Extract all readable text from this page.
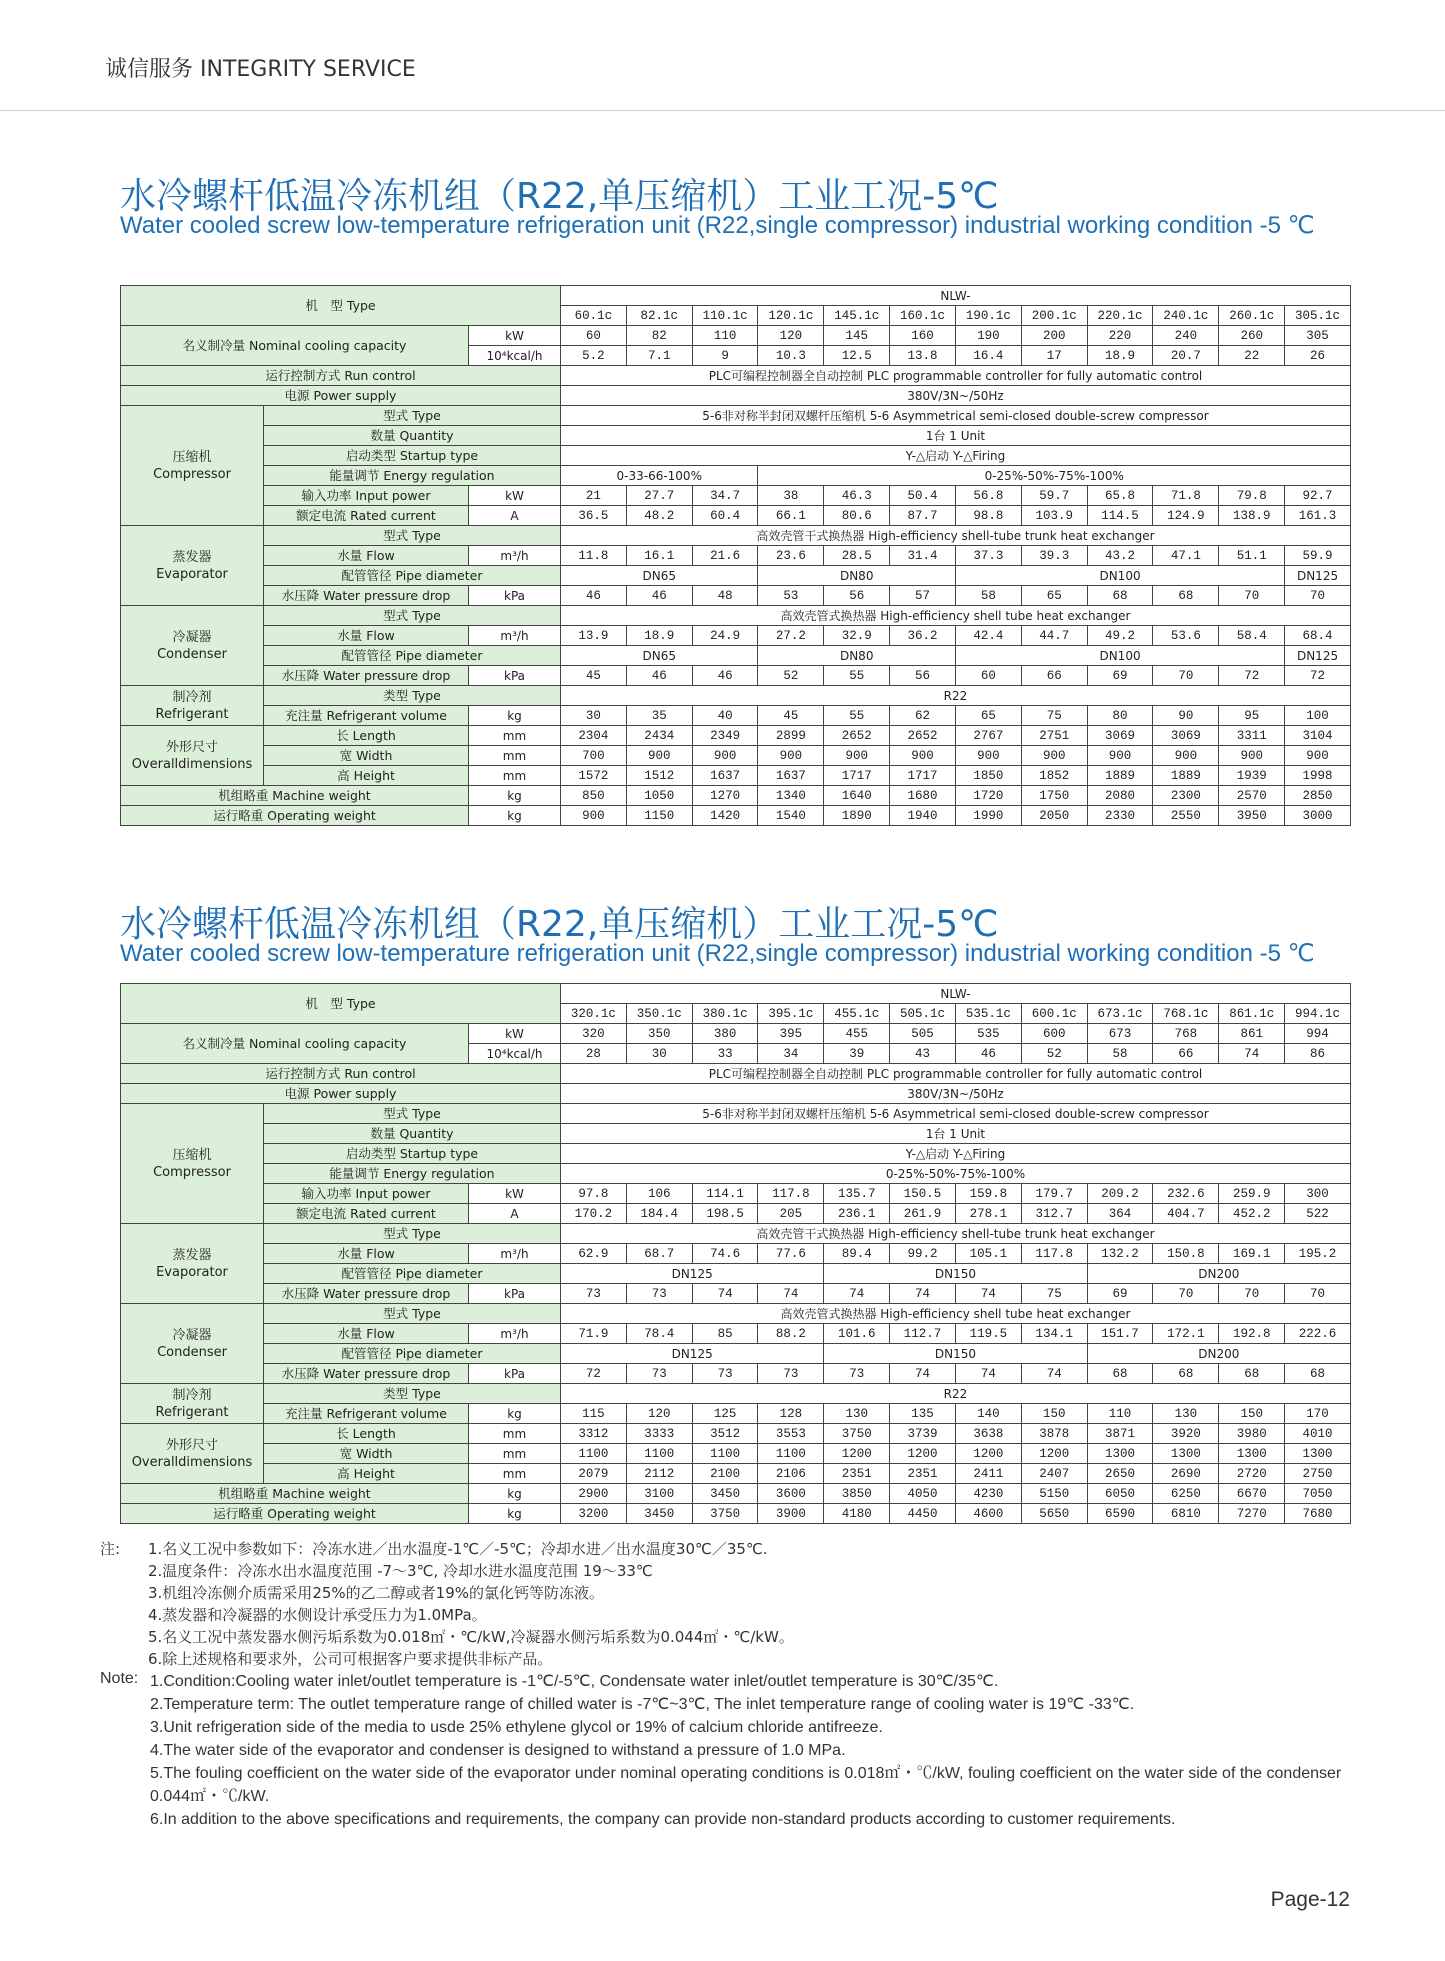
诚信服务 INTEGRITY SERVICE
水冷螺杆低温冷冻机组（R22,单压缩机）工业工况-5℃
Water cooled screw low-temperature refrigeration unit (R22,single compressor) industrial working condition -5 ℃
机　型 Type			NLW-											
			60.1c	82.1c	110.1c	120.1c	145.1c	160.1c	190.1c	200.1c	220.1c	240.1c	260.1c	305.1c
名义制冷量 Nominal cooling capacity		kW	60	82	110	120	145	160	190	200	220	240	260	305
		10⁴kcal/h	5.2	7.1	9	10.3	12.5	13.8	16.4	17	18.9	20.7	22	26
运行控制方式 Run control			PLC可编程控制器全自动控制 PLC programmable controller for fully automatic control											
电源 Power supply			380V/3N~/50Hz											

压缩机
Compressor	型式 Type		5-6非对称半封闭双螺杆压缩机 5-6 Asymmetrical semi-closed double-screw compressor											
	数量 Quantity		1台 1 Unit											
	启动类型 Startup type		Y-△启动 Y-△Firing											
	能量调节 Energy regulation		0-33-66-100%			0-25%-50%-75%-100%								
	输入功率 Input power	kW	21	27.7	34.7	38	46.3	50.4	56.8	59.7	65.8	71.8	79.8	92.7
	额定电流 Rated current	A	36.5	48.2	60.4	66.1	80.6	87.7	98.8	103.9	114.5	124.9	138.9	161.3

蒸发器
Evaporator	型式 Type		高效壳管干式换热器 High-efficiency shell-tube trunk heat exchanger											
	水量 Flow	m³/h	11.8	16.1	21.6	23.6	28.5	31.4	37.3	39.3	43.2	47.1	51.1	59.9
	配管管径 Pipe diameter		DN65			DN80			DN100					DN125
	水压降 Water pressure drop	kPa	46	46	48	53	56	57	58	65	68	68	70	70

冷凝器
Condenser	型式 Type		高效壳管式换热器 High-efficiency shell tube heat exchanger											
	水量 Flow	m³/h	13.9	18.9	24.9	27.2	32.9	36.2	42.4	44.7	49.2	53.6	58.4	68.4
	配管管径 Pipe diameter		DN65			DN80			DN100					DN125
	水压降 Water pressure drop	kPa	45	46	46	52	55	56	60	66	69	70	72	72

制冷剂
Refrigerant	类型 Type		R22											
	充注量 Refrigerant volume	kg	30	35	40	45	55	62	65	75	80	90	95	100

外形尺寸
Overalldimensions	长 Length	mm	2304	2434	2349	2899	2652	2652	2767	2751	3069	3069	3311	3104
	宽 Width	mm	700	900	900	900	900	900	900	900	900	900	900	900
	高 Height	mm	1572	1512	1637	1637	1717	1717	1850	1852	1889	1889	1939	1998
机组略重 Machine weight		kg	850	1050	1270	1340	1640	1680	1720	1750	2080	2300	2570	2850
运行略重 Operating weight		kg	900	1150	1420	1540	1890	1940	1990	2050	2330	2550	3950	3000
水冷螺杆低温冷冻机组（R22,单压缩机）工业工况-5℃
Water cooled screw low-temperature refrigeration unit (R22,single compressor) industrial working condition -5 ℃
机　型 Type			NLW-											
			320.1c	350.1c	380.1c	395.1c	455.1c	505.1c	535.1c	600.1c	673.1c	768.1c	861.1c	994.1c
名义制冷量 Nominal cooling capacity		kW	320	350	380	395	455	505	535	600	673	768	861	994
		10⁴kcal/h	28	30	33	34	39	43	46	52	58	66	74	86
运行控制方式 Run control			PLC可编程控制器全自动控制 PLC programmable controller for fully automatic control											
电源 Power supply			380V/3N~/50Hz											

压缩机
Compressor	型式 Type		5-6非对称半封闭双螺杆压缩机 5-6 Asymmetrical semi-closed double-screw compressor											
	数量 Quantity		1台 1 Unit											
	启动类型 Startup type		Y-△启动 Y-△Firing											
	能量调节 Energy regulation		0-25%-50%-75%-100%											
	输入功率 Input power	kW	97.8	106	114.1	117.8	135.7	150.5	159.8	179.7	209.2	232.6	259.9	300
	额定电流 Rated current	A	170.2	184.4	198.5	205	236.1	261.9	278.1	312.7	364	404.7	452.2	522

蒸发器
Evaporator	型式 Type		高效壳管干式换热器 High-efficiency shell-tube trunk heat exchanger											
	水量 Flow	m³/h	62.9	68.7	74.6	77.6	89.4	99.2	105.1	117.8	132.2	150.8	169.1	195.2
	配管管径 Pipe diameter		DN125				DN150				DN200			
	水压降 Water pressure drop	kPa	73	73	74	74	74	74	74	75	69	70	70	70

冷凝器
Condenser	型式 Type		高效壳管式换热器 High-efficiency shell tube heat exchanger											
	水量 Flow	m³/h	71.9	78.4	85	88.2	101.6	112.7	119.5	134.1	151.7	172.1	192.8	222.6
	配管管径 Pipe diameter		DN125				DN150				DN200			
	水压降 Water pressure drop	kPa	72	73	73	73	73	74	74	74	68	68	68	68

制冷剂
Refrigerant	类型 Type		R22											
	充注量 Refrigerant volume	kg	115	120	125	128	130	135	140	150	110	130	150	170

外形尺寸
Overalldimensions	长 Length	mm	3312	3333	3512	3553	3750	3739	3638	3878	3871	3920	3980	4010
	宽 Width	mm	1100	1100	1100	1100	1200	1200	1200	1200	1300	1300	1300	1300
	高 Height	mm	2079	2112	2100	2106	2351	2351	2411	2407	2650	2690	2720	2750
机组略重 Machine weight		kg	2900	3100	3450	3600	3850	4050	4230	5150	6050	6250	6670	7050
运行略重 Operating weight		kg	3200	3450	3750	3900	4180	4450	4600	5650	6590	6810	7270	7680
注: 1.名义工况中参数如下：冷冻水进／出水温度-1℃／-5℃；冷却水进／出水温度30℃／35℃.
2.温度条件：冷冻水出水温度范围 -7～3℃, 冷却水进水温度范围 19～33℃
3.机组冷冻侧介质需采用25%的乙二醇或者19%的氯化钙等防冻液。
4.蒸发器和冷凝器的水侧设计承受压力为1.0MPa。
5.名义工况中蒸发器水侧污垢系数为0.018㎡・℃/kW,冷凝器水侧污垢系数为0.044㎡・℃/kW。
6.除上述规格和要求外，公司可根据客户要求提供非标产品。
Note: 1.Condition:Cooling water inlet/outlet temperature is -1℃/-5℃, Condensate water inlet/outlet temperature is 30℃/35℃.
2.Temperature term: The outlet temperature range of chilled water is -7℃~3℃, The inlet temperature range of cooling water is 19℃ -33℃.
3.Unit refrigeration side of the media to usde 25% ethylene glycol or 19% of calcium chloride antifreeze.
4.The water side of the evaporator and condenser is designed to withstand a pressure of 1.0 MPa.
5.The fouling coefficient on the water side of the evaporator under nominal operating conditions is 0.018㎡・℃/kW, fouling coefficient on the water side of the condenser 0.044㎡・℃/kW.
6.In addition to the above specifications and requirements, the company can provide non-standard products according to customer requirements.
Page-12
